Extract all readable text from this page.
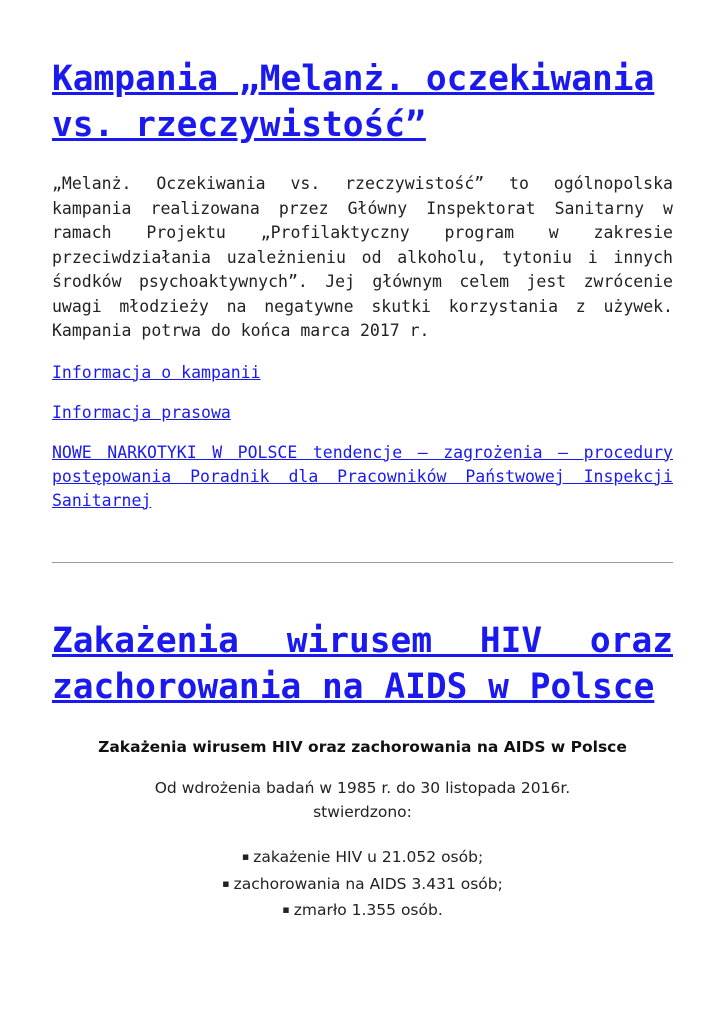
Kampania „Melanż. oczekiwania vs. rzeczywistość”

„Melanż. Oczekiwania vs. rzeczywistość” to ogólnopolska kampania realizowana przez Główny Inspektorat Sanitarny w ramach Projektu „Profilaktyczny program w zakresie przeciwdziałania uzależnieniu od alkoholu, tytoniu i innych środków psychoaktywnych”. Jej głównym celem jest zwrócenie uwagi młodzieży na negatywne skutki korzystania z używek. Kampania potrwa do końca marca 2017 r.

Informacja o kampanii

Informacja prasowa

NOWE NARKOTYKI W POLSCE tendencje – zagrożenia – procedury postępowania Poradnik dla Pracowników Państwowej Inspekcji Sanitarnej

Zakażenia wirusem HIV oraz
zachorowania na AIDS w Polsce

Zakażenia wirusem HIV oraz zachorowania na AIDS w Polsce

Od wdrożenia badań w 1985 r. do 30 listopada 2016r.
stwierdzono:

▪ zakażenie HIV u 21.052 osób;
▪ zachorowania na AIDS 3.431 osób;
▪ zmarło 1.355 osób.
